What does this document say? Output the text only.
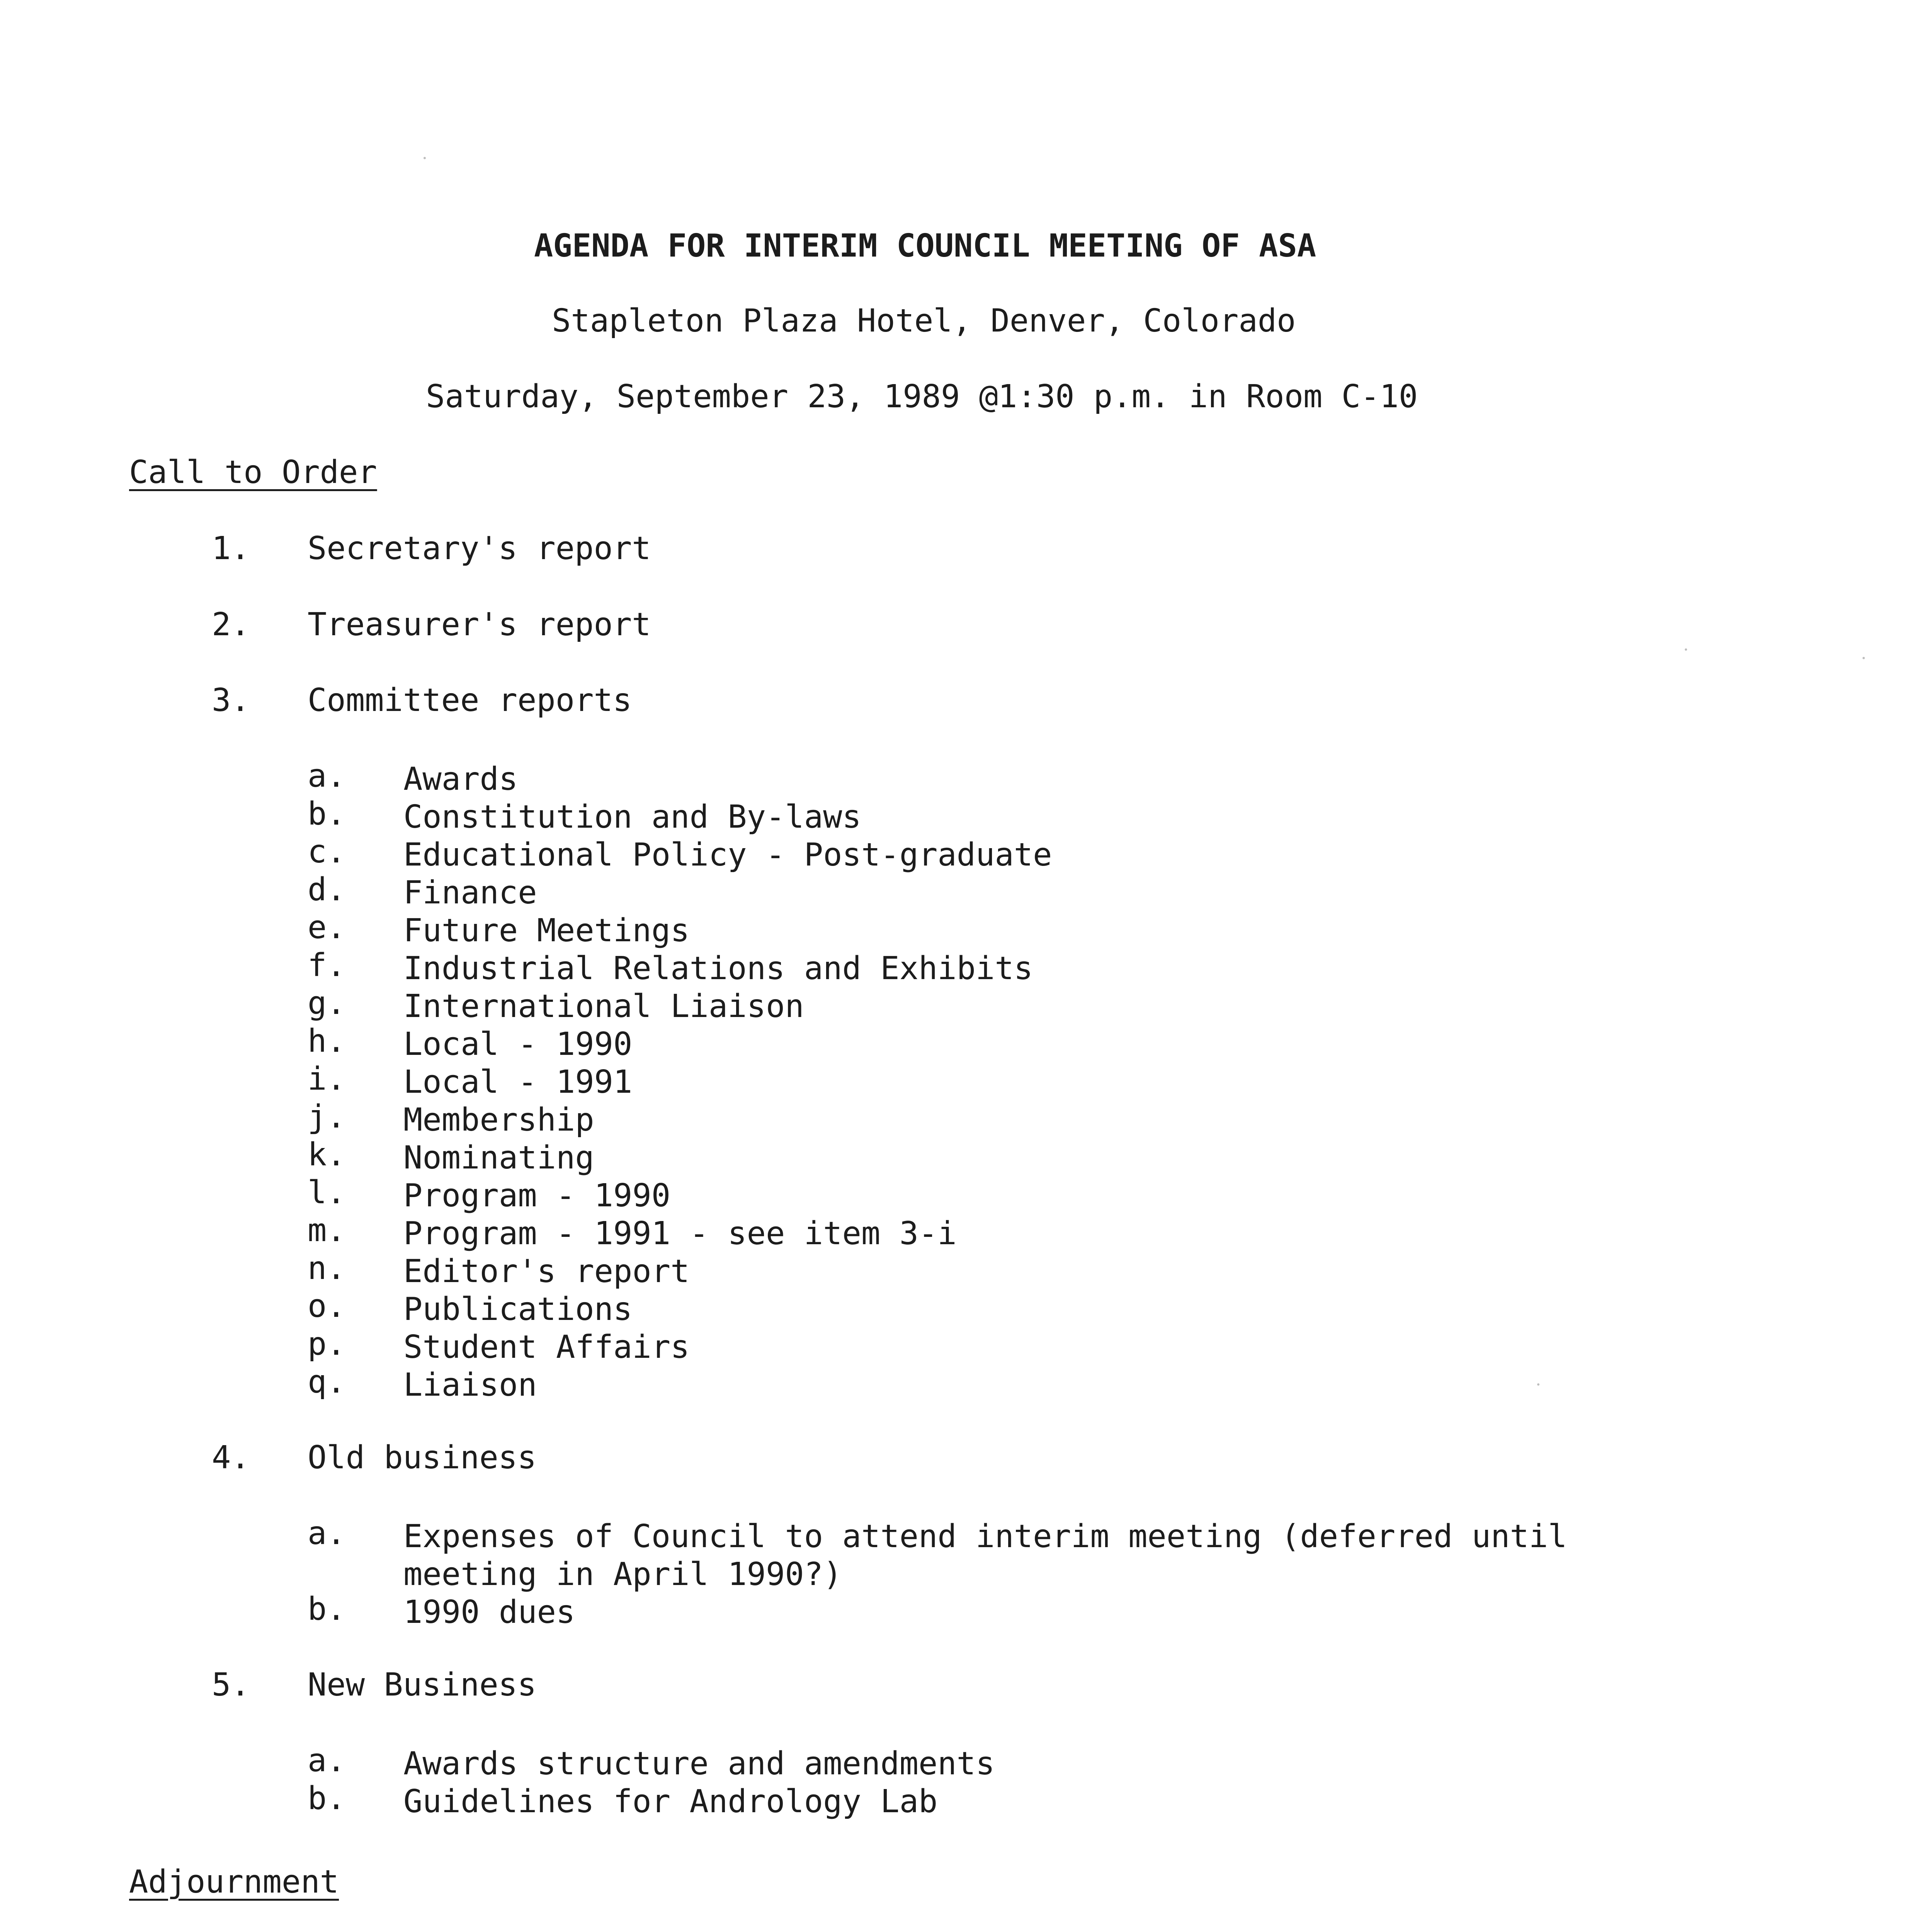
AGENDA FOR INTERIM COUNCIL MEETING OF ASA
Stapleton Plaza Hotel, Denver, Colorado
Saturday, September 23, 1989 @1:30 p.m. in Room C-10
Call to Order
1. Secretary's report
2. Treasurer's report
3. Committee reports
a. Awards
b. Constitution and By-laws
c. Educational Policy - Post-graduate
d. Finance
e. Future Meetings
f. Industrial Relations and Exhibits
g. International Liaison
h. Local - 1990
i. Local - 1991
j. Membership
k. Nominating
l. Program - 1990
m. Program - 1991 - see item 3-i
n. Editor's report
o. Publications
p. Student Affairs
q. Liaison
4. Old business
a. Expenses of Council to attend interim meeting (deferred until
meeting in April 1990?)
b. 1990 dues
5. New Business
a. Awards structure and amendments
b. Guidelines for Andrology Lab
Adjournment
